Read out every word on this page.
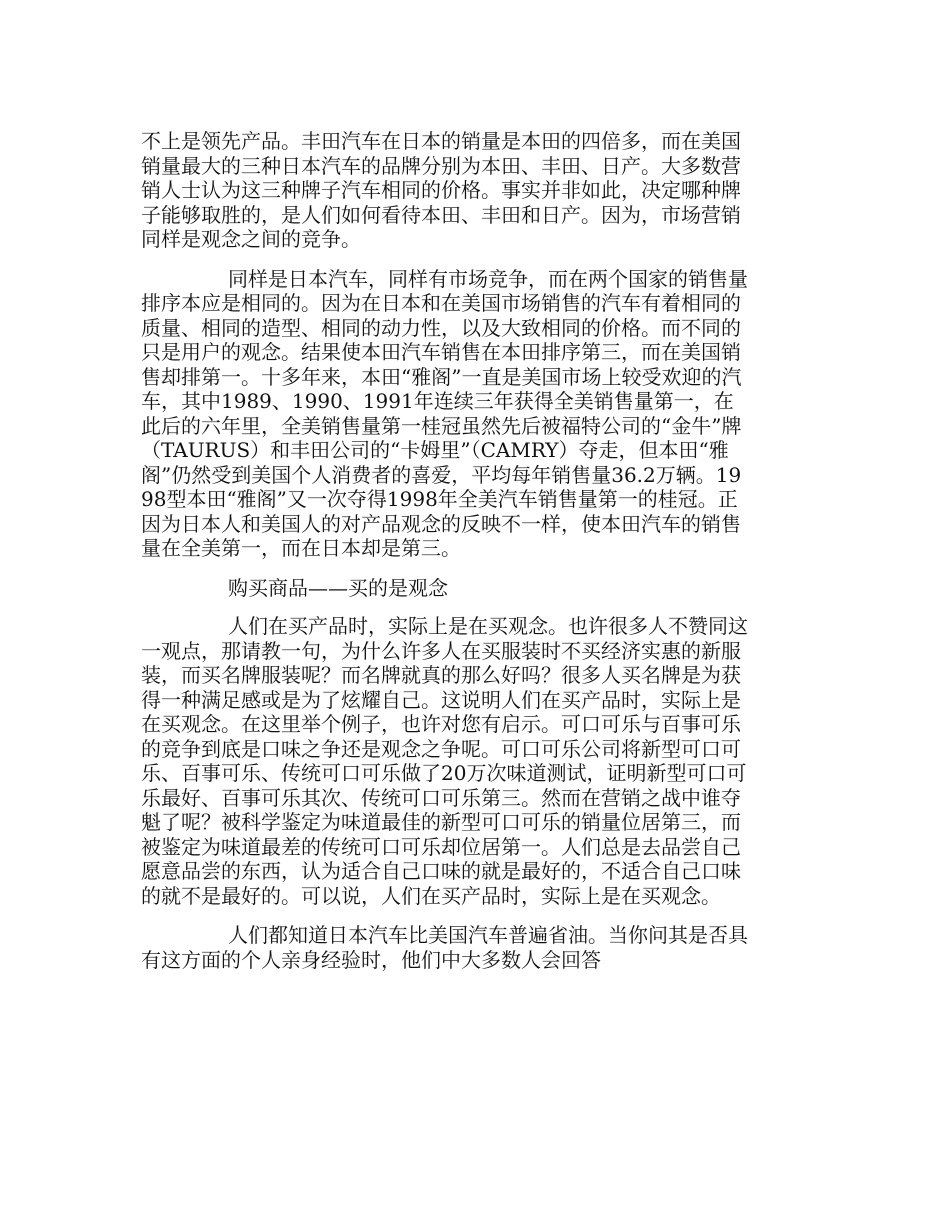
不上是领先产品。丰田汽车在日本的销量是本田的四倍多，而在美国销量最大的三种日本汽车的品牌分别为本田、丰田、日产。大多数营销人士认为这三种牌子汽车相同的价格。事实并非如此，决定哪种牌子能够取胜的，是人们如何看待本田、丰田和日产。因为，市场营销同样是观念之间的竞争。

同样是日本汽车，同样有市场竞争，而在两个国家的销售量排序本应是相同的。因为在日本和在美国市场销售的汽车有着相同的质量、相同的造型、相同的动力性，以及大致相同的价格。而不同的只是用户的观念。结果使本田汽车销售在本田排序第三，而在美国销售却排第一。十多年来，本田“雅阁”一直是美国市场上较受欢迎的汽车，其中1989、1990、1991年连续三年获得全美销售量第一，在此后的六年里，全美销售量第一桂冠虽然先后被福特公司的“金牛”牌（TAURUS）和丰田公司的“卡姆里”（CAMRY）夺走，但本田“雅阁”仍然受到美国个人消费者的喜爱，平均每年销售量36.2万辆。1998型本田“雅阁”又一次夺得1998年全美汽车销售量第一的桂冠。正因为日本人和美国人的对产品观念的反映不一样，使本田汽车的销售量在全美第一，而在日本却是第三。

购买商品——买的是观念

人们在买产品时，实际上是在买观念。也许很多人不赞同这一观点，那请教一句，为什么许多人在买服装时不买经济实惠的新服装，而买名牌服装呢？而名牌就真的那么好吗？很多人买名牌是为获得一种满足感或是为了炫耀自己。这说明人们在买产品时，实际上是在买观念。在这里举个例子，也许对您有启示。可口可乐与百事可乐的竞争到底是口味之争还是观念之争呢。可口可乐公司将新型可口可乐、百事可乐、传统可口可乐做了20万次味道测试，证明新型可口可乐最好、百事可乐其次、传统可口可乐第三。然而在营销之战中谁夺魁了呢？被科学鉴定为味道最佳的新型可口可乐的销量位居第三，而被鉴定为味道最差的传统可口可乐却位居第一。人们总是去品尝自己愿意品尝的东西，认为适合自己口味的就是最好的，不适合自己口味的就不是最好的。可以说，人们在买产品时，实际上是在买观念。

人们都知道日本汽车比美国汽车普遍省油。当你问其是否具有这方面的个人亲身经验时，他们中大多数人会回答
